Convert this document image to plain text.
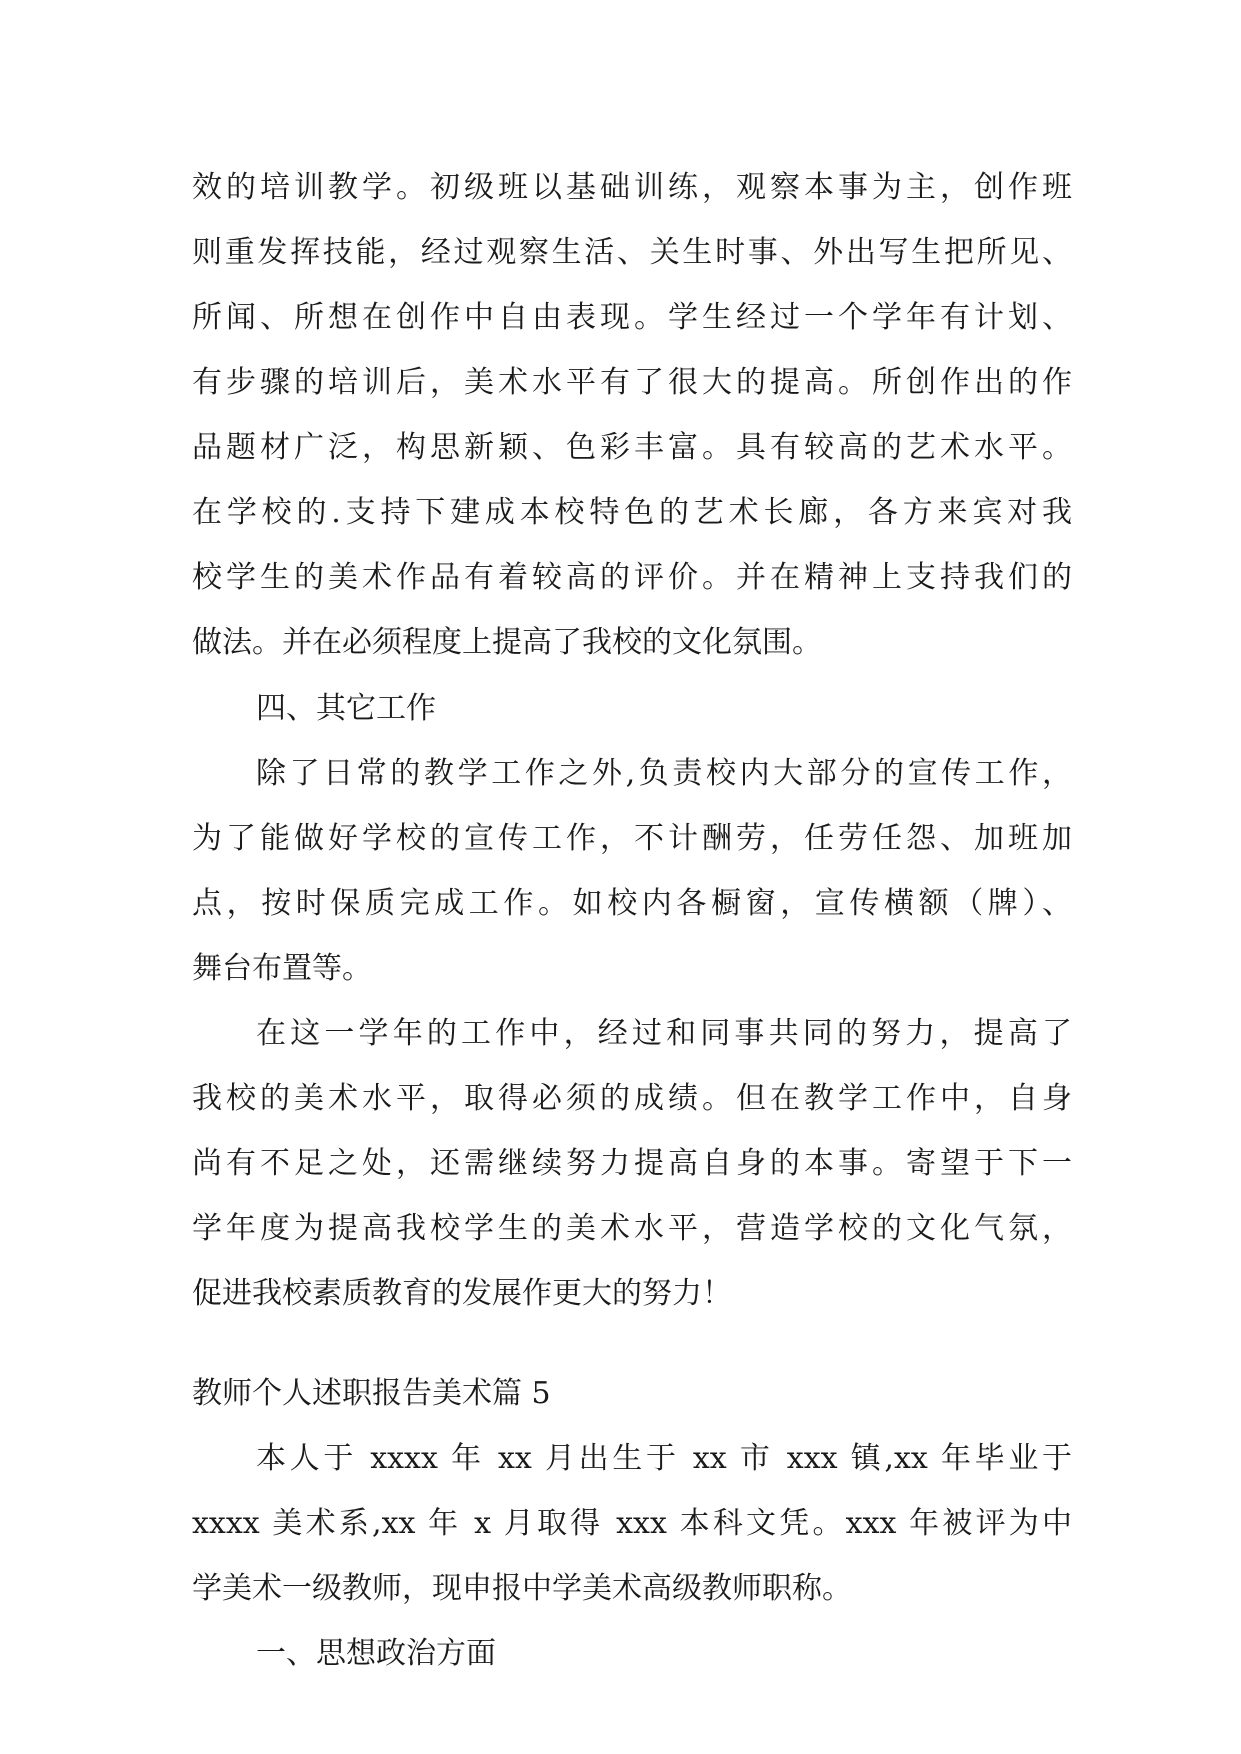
效的培训教学。初级班以基础训练，观察本事为主，创作班
则重发挥技能，经过观察生活、关生时事、外出写生把所见、
所闻、所想在创作中自由表现。学生经过一个学年有计划、
有步骤的培训后，美术水平有了很大的提高。所创作出的作
品题材广泛，构思新颖、色彩丰富。具有较高的艺术水平。
在学校的.支持下建成本校特色的艺术长廊，各方来宾对我
校学生的美术作品有着较高的评价。并在精神上支持我们的
做法。并在必须程度上提高了我校的文化氛围。
四、其它工作
除了日常的教学工作之外,负责校内大部分的宣传工作，
为了能做好学校的宣传工作，不计酬劳，任劳任怨、加班加
点，按时保质完成工作。如校内各橱窗，宣传横额（牌）、
舞台布置等。
在这一学年的工作中，经过和同事共同的努力，提高了
我校的美术水平，取得必须的成绩。但在教学工作中，自身
尚有不足之处，还需继续努力提高自身的本事。寄望于下一
学年度为提高我校学生的美术水平，营造学校的文化气氛，
促进我校素质教育的发展作更大的努力！
教师个人述职报告美术篇 5
本人于 xxxx 年 xx 月出生于 xx 市 xxx 镇,xx 年毕业于
xxxx 美术系,xx 年 x 月取得 xxx 本科文凭。xxx 年被评为中
学美术一级教师，现申报中学美术高级教师职称。
一、思想政治方面
